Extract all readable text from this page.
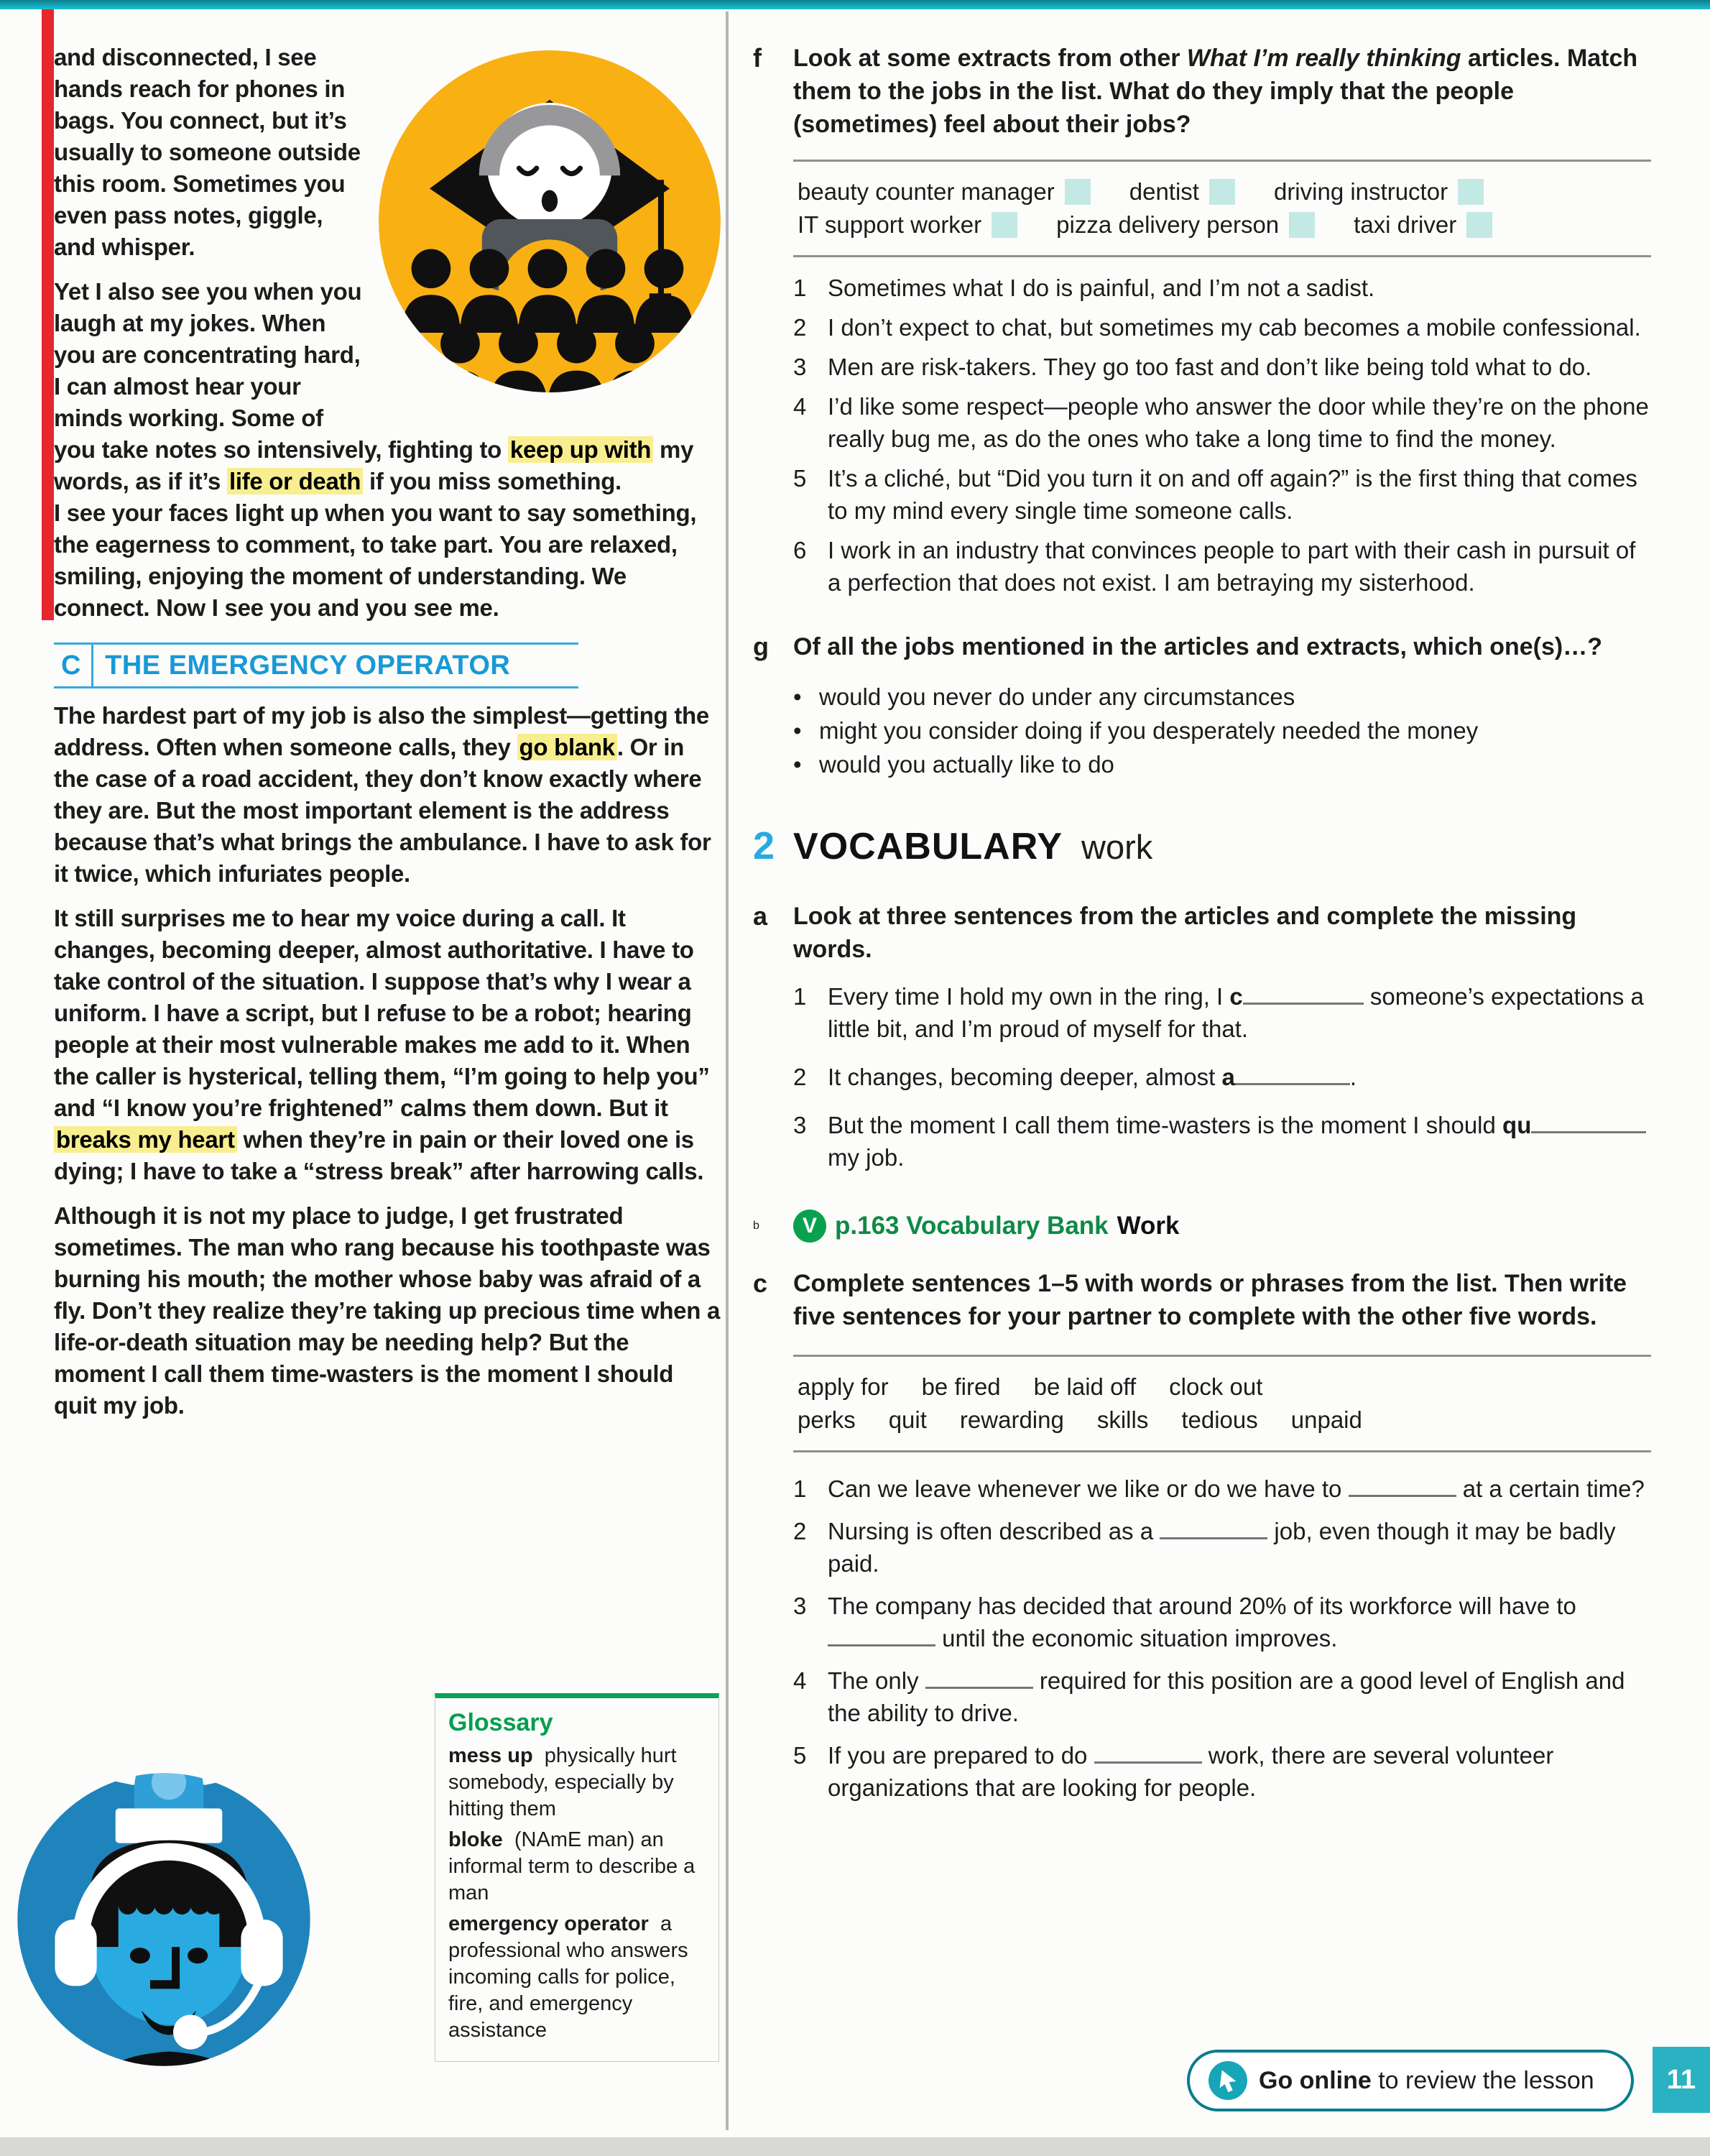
and disconnected, I see hands reach for phones in bags. You connect, but it’s usually to someone outside this room. Sometimes you even pass notes, giggle, and whisper.

Yet I also see you when you laugh at my jokes. When you are concentrating hard, I can almost hear your minds working. Some of you take notes so intensively, fighting to keep up with my words, as if it’s life or death if you miss something.

I see your faces light up when you want to say something, the eagerness to comment, to take part. You are relaxed, smiling, enjoying the moment of understanding. We connect. Now I see you and you see me.

C THE EMERGENCY OPERATOR

The hardest part of my job is also the simplest—getting the address. Often when someone calls, they go blank. Or in the case of a road accident, they don’t know exactly where they are. But the most important element is the address because that’s what brings the ambulance. I have to ask for it twice, which infuriates people.

It still surprises me to hear my voice during a call. It changes, becoming deeper, almost authoritative. I have to take control of the situation. I suppose that’s why I wear a uniform. I have a script, but I refuse to be a robot; hearing people at their most vulnerable makes me add to it. When the caller is hysterical, telling them, “I’m going to help you” and “I know you’re frightened” calms them down. But it breaks my heart when they’re in pain or their loved one is dying; I have to take a “stress break” after harrowing calls.

Although it is not my place to judge, I get frustrated sometimes. The man who rang because his toothpaste was burning his mouth; the mother whose baby was afraid of a fly. Don’t they realize they’re taking up precious time when a life-or-death situation may be needing help? But the moment I call them time-wasters is the moment I should quit my job.

Glossary

mess up physically hurt somebody, especially by hitting them

bloke (NAmE man) an informal term to describe a man

emergency operator a professional who answers incoming calls for police, fire, and emergency assistance

f	Look at some extracts from other What I’m really thinking articles. Match them to the jobs in the list. What do they imply that the people (sometimes) feel about their jobs?
beauty counter manager	dentist	driving instructor
IT support worker	pizza delivery person	taxi driver
1 Sometimes what I do is painful, and I’m not a sadist.
2 I don’t expect to chat, but sometimes my cab becomes a mobile confessional.
3 Men are risk-takers. They go too fast and don’t like being told what to do.
4 I’d like some respect—people who answer the door while they’re on the phone really bug me, as do the ones who take a long time to find the money.
5 It’s a cliché, but “Did you turn it on and off again?” is the first thing that comes to my mind every single time someone calls.
6 I work in an industry that convinces people to part with their cash in pursuit of a perfection that does not exist. I am betraying my sisterhood.
g	Of all the jobs mentioned in the articles and extracts, which one(s)…?
• would you never do under any circumstances
• might you consider doing if you desperately needed the money
• would you actually like to do
2 VOCABULARY work
a	Look at three sentences from the articles and complete the missing words.
1 Every time I hold my own in the ring, I c	someone’s expectations a little bit, and I’m proud of myself for that.
2 It changes, becoming deeper, almost a	.
3 But the moment I call them time-wasters is the moment I should qu my job.
b	V p.163 Vocabulary Bank Work
c	Complete sentences 1–5 with words or phrases from the list. Then write five sentences for your partner to complete with the other five words.
apply for be fired be laid off clock out
perks quit rewarding skills tedious unpaid
1 Can we leave whenever we like or do we have to	at a certain time?
2 Nursing is often described as a	job, even though it may be badly paid.
3 The company has decided that around 20% of its workforce will have to  until the economic situation improves.
4 The only	required for this position are a good level of English and the ability to drive.
5 If you are prepared to do	work, there are several volunteer organizations that are looking for people.
Go online to review the lesson	11
